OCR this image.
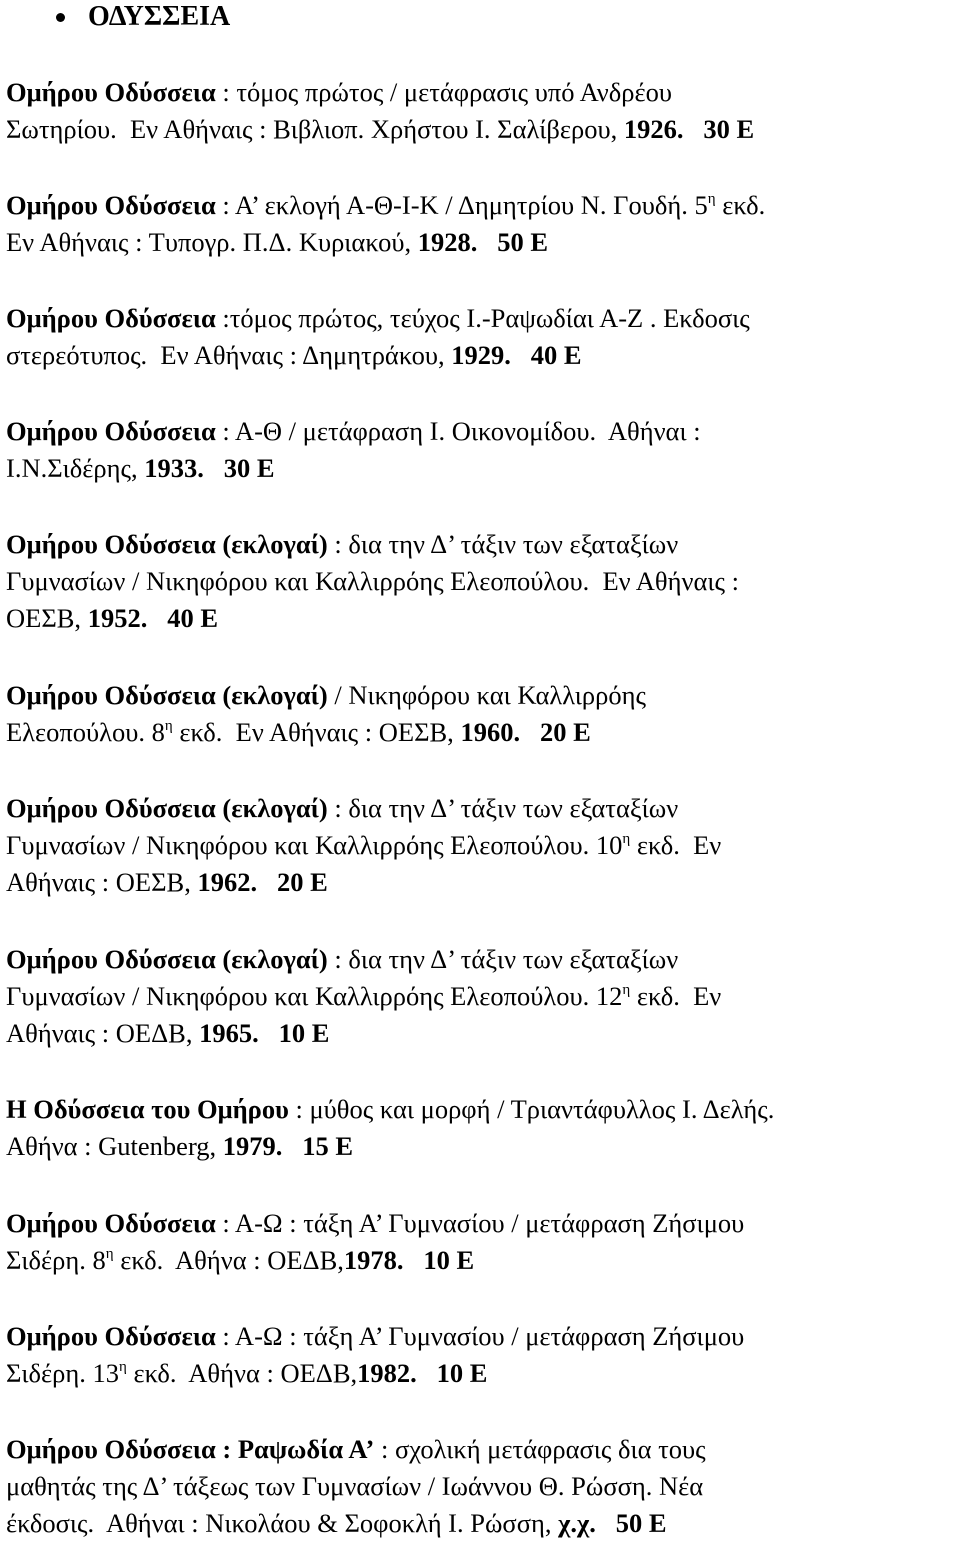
ΟΔΥΣΣΕΙΑ
Ομήρου Οδύσσεια : τόμος πρώτος / μετάφρασις υπό Ανδρέου
Σωτηρίου.  Εν Αθήναις : Βιβλιοπ. Χρήστου Ι. Σαλίβερου, 1926. 30 Ε
Ομήρου Οδύσσεια : Α’ εκλογή Α-Θ-Ι-Κ / Δημητρίου Ν. Γουδή. $5^\eta$ εκδ.
Εν Αθήναις : Τυπογρ. Π.Δ. Κυριακού, 1928. 50 Ε
Ομήρου Οδύσσεια :τόμος πρώτος, τεύχος Ι.-Ραψωδίαι Α-Ζ . Εκδοσις
στερεότυπος.  Εν Αθήναις : Δημητράκου, 1929. 40 Ε
Ομήρου Οδύσσεια : Α-Θ / μετάφραση Ι. Οικονομίδου.  Αθήναι :
Ι.Ν.Σιδέρης, 1933. 30 Ε
Ομήρου Οδύσσεια (εκλογαί) : δια την Δ’ τάξιν των εξαταξίων
Γυμνασίων / Νικηφόρου και Καλλιρρόης Ελεοπούλου.  Εν Αθήναις :
ΟΕΣΒ, 1952. 40 Ε
Ομήρου Οδύσσεια (εκλογαί) / Νικηφόρου και Καλλιρρόης
Ελεοπούλου. $8^\eta$ εκδ.  Εν Αθήναις : ΟΕΣΒ, 1960. 20 Ε
Ομήρου Οδύσσεια (εκλογαί) : δια την Δ’ τάξιν των εξαταξίων
Γυμνασίων / Νικηφόρου και Καλλιρρόης Ελεοπούλου. $10^\eta$ εκδ.  Εν
Αθήναις : ΟΕΣΒ, 1962. 20 Ε
Ομήρου Οδύσσεια (εκλογαί) : δια την Δ’ τάξιν των εξαταξίων
Γυμνασίων / Νικηφόρου και Καλλιρρόης Ελεοπούλου. $12^\eta$ εκδ.  Εν
Αθήναις : ΟΕΔΒ, 1965. 10 Ε
Η Οδύσσεια του Ομήρου : μύθος και μορφή / Τριαντάφυλλος Ι. Δελής.
Αθήνα : Gutenberg, 1979. 15 Ε
Ομήρου Οδύσσεια : Α-Ω : τάξη Α’ Γυμνασίου / μετάφραση Ζήσιμου
Σιδέρη. $8^\eta$ εκδ.  Αθήνα : ΟΕΔΒ,1978. 10 Ε
Ομήρου Οδύσσεια : Α-Ω : τάξη Α’ Γυμνασίου / μετάφραση Ζήσιμου
Σιδέρη. $13^\eta$ εκδ.  Αθήνα : ΟΕΔΒ,1982. 10 Ε
Ομήρου Οδύσσεια : Ραψωδία Α’ : σχολική μετάφρασις δια τους
μαθητάς της Δ’ τάξεως των Γυμνασίων / Ιωάννου Θ. Ρώσση. Νέα
έκδοσις.  Αθήναι : Νικολάου & Σοφοκλή Ι. Ρώσση, χ.χ. 50 Ε
